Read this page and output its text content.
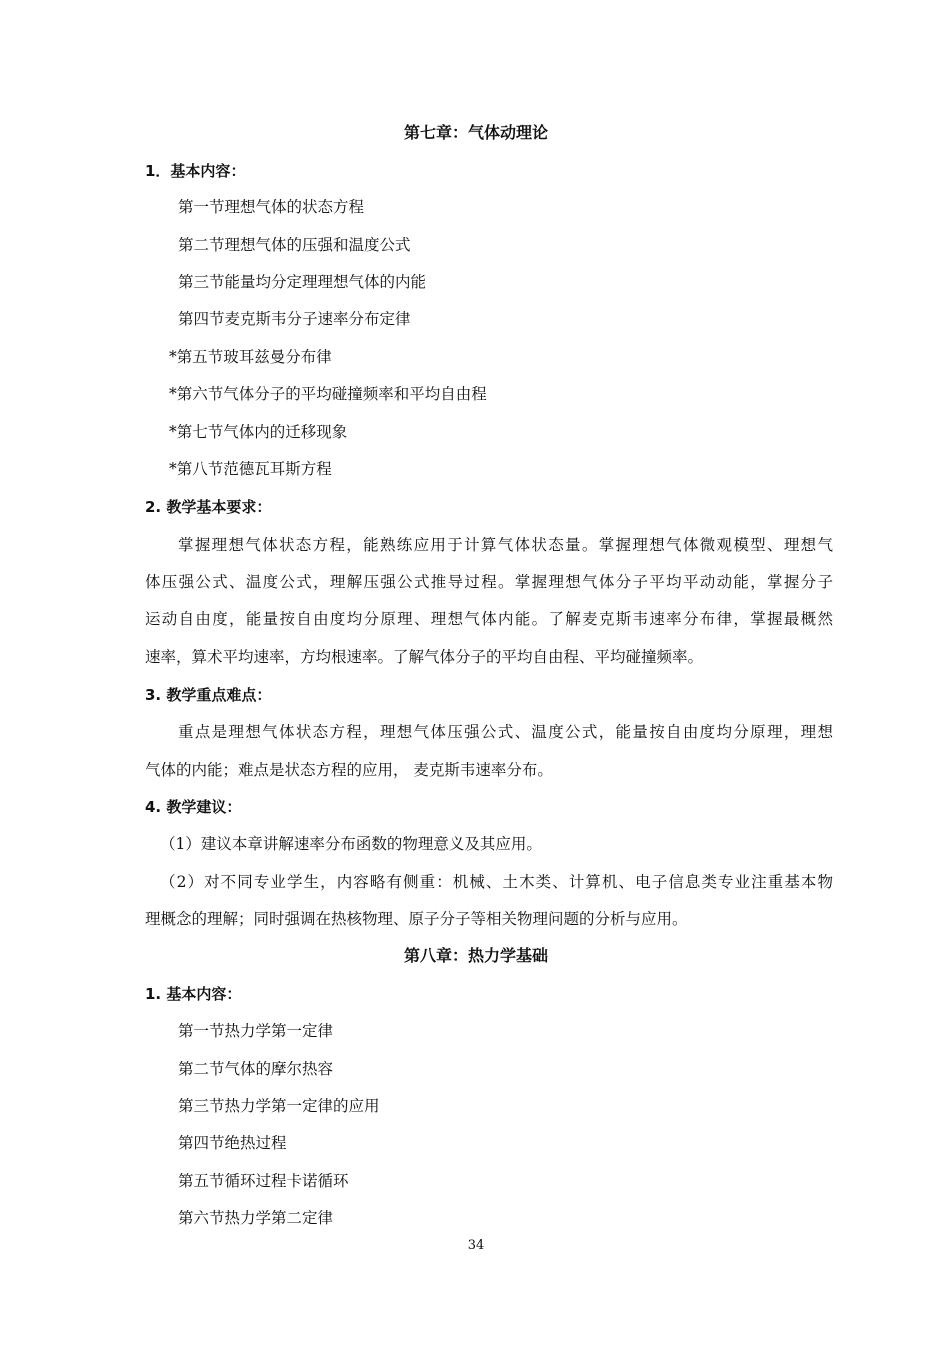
第七章：气体动理论
1．基本内容：
第一节理想气体的状态方程
第二节理想气体的压强和温度公式
第三节能量均分定理理想气体的内能
第四节麦克斯韦分子速率分布定律
*第五节玻耳兹曼分布律
*第六节气体分子的平均碰撞频率和平均自由程
*第七节气体内的迁移现象
*第八节范德瓦耳斯方程
2. 教学基本要求：
掌握理想气体状态方程，能熟练应用于计算气体状态量。掌握理想气体微观模型、理想气
体压强公式、温度公式，理解压强公式推导过程。掌握理想气体分子平均平动动能，掌握分子
运动自由度，能量按自由度均分原理、理想气体内能。了解麦克斯韦速率分布律，掌握最概然
速率，算术平均速率，方均根速率。了解气体分子的平均自由程、平均碰撞频率。
3. 教学重点难点：
重点是理想气体状态方程，理想气体压强公式、温度公式，能量按自由度均分原理，理想
气体的内能；难点是状态方程的应用， 麦克斯韦速率分布。
4. 教学建议：
（1）建议本章讲解速率分布函数的物理意义及其应用。
（2）对不同专业学生，内容略有侧重：机械、土木类、计算机、电子信息类专业注重基本物
理概念的理解；同时强调在热核物理、原子分子等相关物理问题的分析与应用。
第八章：热力学基础
1. 基本内容：
第一节热力学第一定律
第二节气体的摩尔热容
第三节热力学第一定律的应用
第四节绝热过程
第五节循环过程卡诺循环
第六节热力学第二定律
34
